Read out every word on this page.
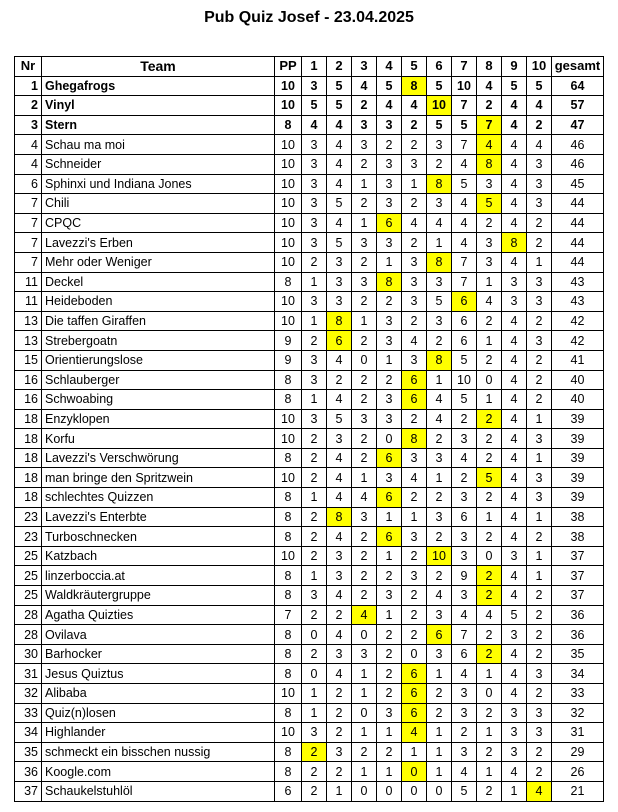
Pub Quiz Josef - 23.04.2025
Nr	Team	PP	1	2	3	4	5	6	7	8	9	10	gesamt
1	Ghegafrogs	10	3	5	4	5	8	5	10	4	5	5	64
2	Vinyl	10	5	5	2	4	4	10	7	2	4	4	57
3	Stern	8	4	4	3	3	2	5	5	7	4	2	47
4	Schau ma moi	10	3	4	3	2	2	3	7	4	4	4	46
4	Schneider	10	3	4	2	3	3	2	4	8	4	3	46
6	Sphinxi und Indiana Jones	10	3	4	1	3	1	8	5	3	4	3	45
7	Chili	10	3	5	2	3	2	3	4	5	4	3	44
7	CPQC	10	3	4	1	6	4	4	4	2	4	2	44
7	Lavezzi's Erben	10	3	5	3	3	2	1	4	3	8	2	44
7	Mehr oder Weniger	10	2	3	2	1	3	8	7	3	4	1	44
11	Deckel	8	1	3	3	8	3	3	7	1	3	3	43
11	Heideboden	10	3	3	2	2	3	5	6	4	3	3	43
13	Die taffen Giraffen	10	1	8	1	3	2	3	6	2	4	2	42
13	Strebergoatn	9	2	6	2	3	4	2	6	1	4	3	42
15	Orientierungslose	9	3	4	0	1	3	8	5	2	4	2	41
16	Schlauberger	8	3	2	2	2	6	1	10	0	4	2	40
16	Schwoabing	8	1	4	2	3	6	4	5	1	4	2	40
18	Enzyklopen	10	3	5	3	3	2	4	2	2	4	1	39
18	Korfu	10	2	3	2	0	8	2	3	2	4	3	39
18	Lavezzi's Verschwörung	8	2	4	2	6	3	3	4	2	4	1	39
18	man bringe den Spritzwein	10	2	4	1	3	4	1	2	5	4	3	39
18	schlechtes Quizzen	8	1	4	4	6	2	2	3	2	4	3	39
23	Lavezzi's Enterbte	8	2	8	3	1	1	3	6	1	4	1	38
23	Turboschnecken	8	2	4	2	6	3	2	3	2	4	2	38
25	Katzbach	10	2	3	2	1	2	10	3	0	3	1	37
25	linzerboccia.at	8	1	3	2	2	3	2	9	2	4	1	37
25	Waldkräutergruppe	8	3	4	2	3	2	4	3	2	4	2	37
28	Agatha Quizties	7	2	2	4	1	2	3	4	4	5	2	36
28	Ovilava	8	0	4	0	2	2	6	7	2	3	2	36
30	Barhocker	8	2	3	3	2	0	3	6	2	4	2	35
31	Jesus Quiztus	8	0	4	1	2	6	1	4	1	4	3	34
32	Alibaba	10	1	2	1	2	6	2	3	0	4	2	33
33	Quiz(n)losen	8	1	2	0	3	6	2	3	2	3	3	32
34	Highlander	10	3	2	1	1	4	1	2	1	3	3	31
35	schmeckt ein bisschen nussig	8	2	3	2	2	1	1	3	2	3	2	29
36	Koogle.com	8	2	2	1	1	0	1	4	1	4	2	26
37	Schaukelstuhlöl	6	2	1	0	0	0	0	5	2	1	4	21
